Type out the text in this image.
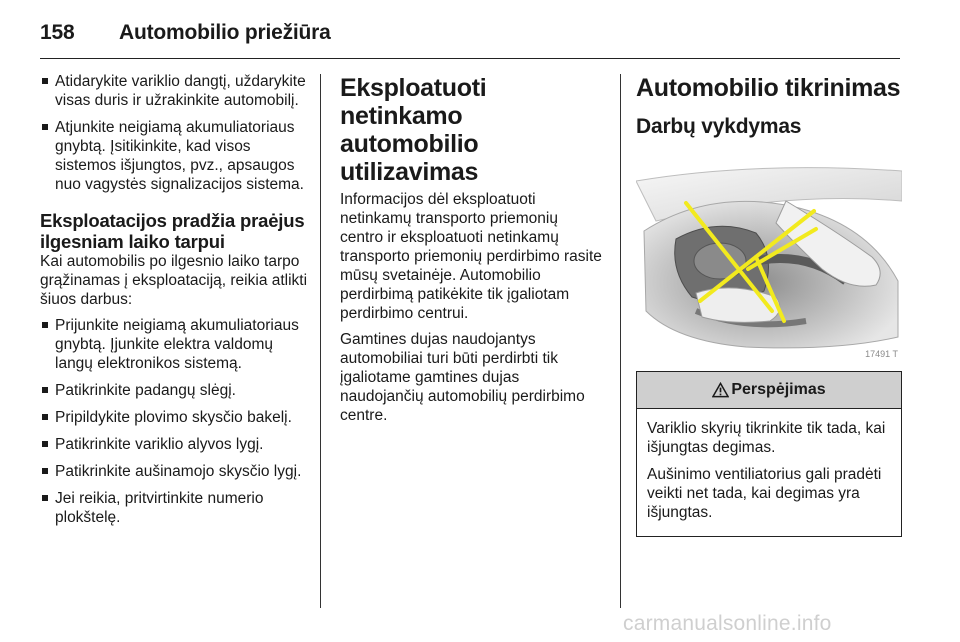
158 Automobilio priežiūra
Atidarykite variklio dangtį, uždarykite visas duris ir užrakinkite automobilį.
Atjunkite neigiamą akumuliatoriaus gnybtą. Įsitikinkite, kad visos sistemos išjungtos, pvz., apsaugos nuo vagystės signalizacijos sistema.

Eksploatacijos pradžia praėjus ilgesniam laiko tarpui

Kai automobilis po ilgesnio laiko tarpo grąžinamas į eksploataciją, reikia atlikti šiuos darbus:

Prijunkite neigiamą akumuliatoriaus gnybtą. Įjunkite elektra valdomų langų elektronikos sistemą.
Patikrinkite padangų slėgį.
Pripildykite plovimo skysčio bakelį.
Patikrinkite variklio alyvos lygį.
Patikrinkite aušinamojo skysčio lygį.
Jei reikia, pritvirtinkite numerio plokštelę.

Eksploatuoti netinkamo automobilio utilizavimas

Informacijos dėl eksploatuoti netinkamų transporto priemonių centro ir eksploatuoti netinkamų transporto priemonių perdirbimo rasite mūsų svetainėje. Automobilio perdirbimą patikėkite tik įgaliotam perdirbimo centrui.

Gamtines dujas naudojantys automobiliai turi būti perdirbti tik įgaliotame gamtines dujas naudojančių automobilių perdirbimo centre.

Automobilio tikrinimas

Darbų vykdymas

17491 T
Perspėjimas

Variklio skyrių tikrinkite tik tada, kai išjungtas degimas.

Aušinimo ventiliatorius gali pradėti veikti net tada, kai degimas yra išjungtas.

carmanualsonline.info
